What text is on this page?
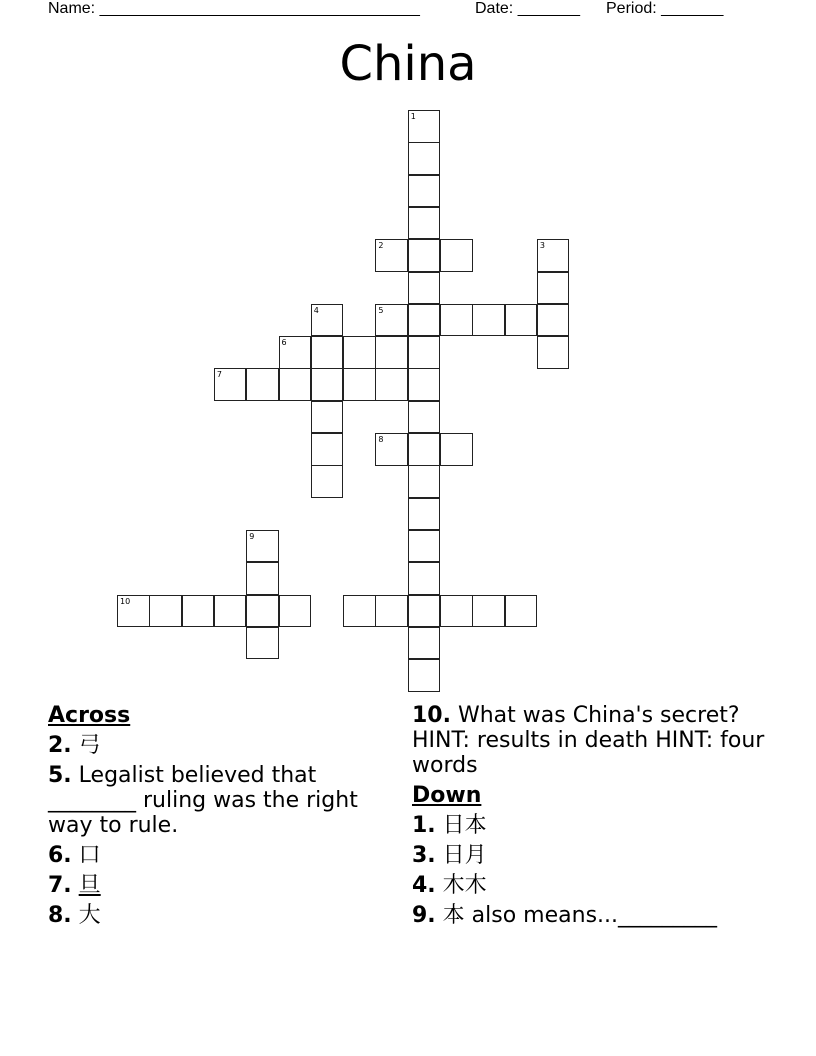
Name: ____________________________________	Date: _______ Period: _______
China
1
2	3
4	5
6
7
8
9
10
Across
2. 弓
5. Legalist believed that ________ ruling was the right way to rule.
6. 口
7. 旦
8. 大
10. What was China's secret? HINT: results in death HINT: four words
Down
1. 日本
3. 日月
4. 木木
9. 本 also means..._________
